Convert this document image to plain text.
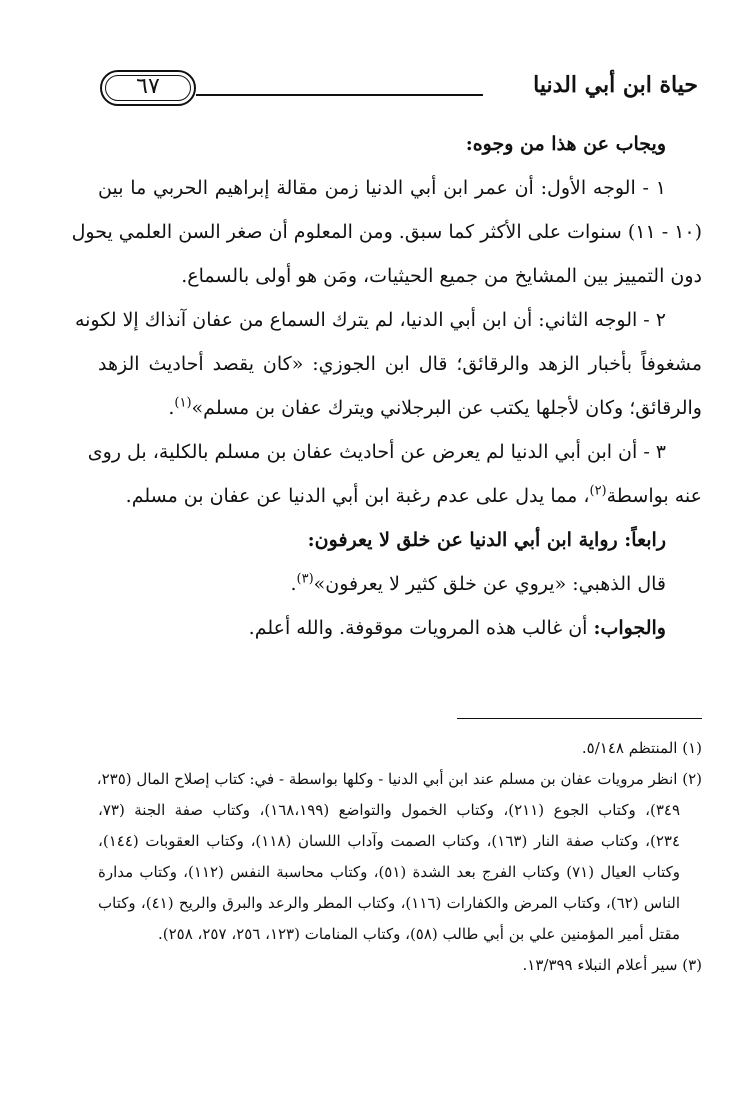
حياة ابن أبي الدنيا
٦٧
ويجاب عن هذا من وجوه:
١ - الوجه الأول: أن عمر ابن أبي الدنيا زمن مقالة إبراهيم الحربي ما بين
(١٠ - ١١) سنوات على الأكثر كما سبق. ومن المعلوم أن صغر السن العلمي يحول
دون التمييز بين المشايخ من جميع الحيثيات، ومَن هو أولى بالسماع.
٢ - الوجه الثاني: أن ابن أبي الدنيا، لم يترك السماع من عفان آنذاك إلا لكونه
مشغوفاً بأخبار الزهد والرقائق؛ قال ابن الجوزي: «كان يقصد أحاديث الزهد
والرقائق؛ وكان لأجلها يكتب عن البرجلاني ويترك عفان بن مسلم»$^{(١)}$.
٣ - أن ابن أبي الدنيا لم يعرض عن أحاديث عفان بن مسلم بالكلية، بل روى
عنه بواسطة$^{(٢)}$، مما يدل على عدم رغبة ابن أبي الدنيا عن عفان بن مسلم.
رابعاً: رواية ابن أبي الدنيا عن خلق لا يعرفون:
قال الذهبي: «يروي عن خلق كثير لا يعرفون»$^{(٣)}$.
والجواب: أن غالب هذه المرويات موقوفة. والله أعلم.
(١) المنتظم ٥/١٤٨.
(٢) انظر مرويات عفان بن مسلم عند ابن أبي الدنيا - وكلها بواسطة - في: كتاب إصلاح المال (٢٣٥،
٣٤٩)، وكتاب الجوع (٢١١)، وكتاب الخمول والتواضع (١٦٨،١٩٩)، وكتاب صفة الجنة (٧٣،
٢٣٤)، وكتاب صفة النار (١٦٣)، وكتاب الصمت وآداب اللسان (١١٨)، وكتاب العقوبات (١٤٤)،
وكتاب العيال (٧١) وكتاب الفرج بعد الشدة (٥١)، وكتاب محاسبة النفس (١١٢)، وكتاب مدارة
الناس (٦٢)، وكتاب المرض والكفارات (١١٦)، وكتاب المطر والرعد والبرق والريح (٤١)، وكتاب
مقتل أمير المؤمنين علي بن أبي طالب (٥٨)، وكتاب المنامات (١٢٣، ٢٥٦، ٢٥٧، ٢٥٨).
(٣) سير أعلام النبلاء ١٣/٣٩٩.
